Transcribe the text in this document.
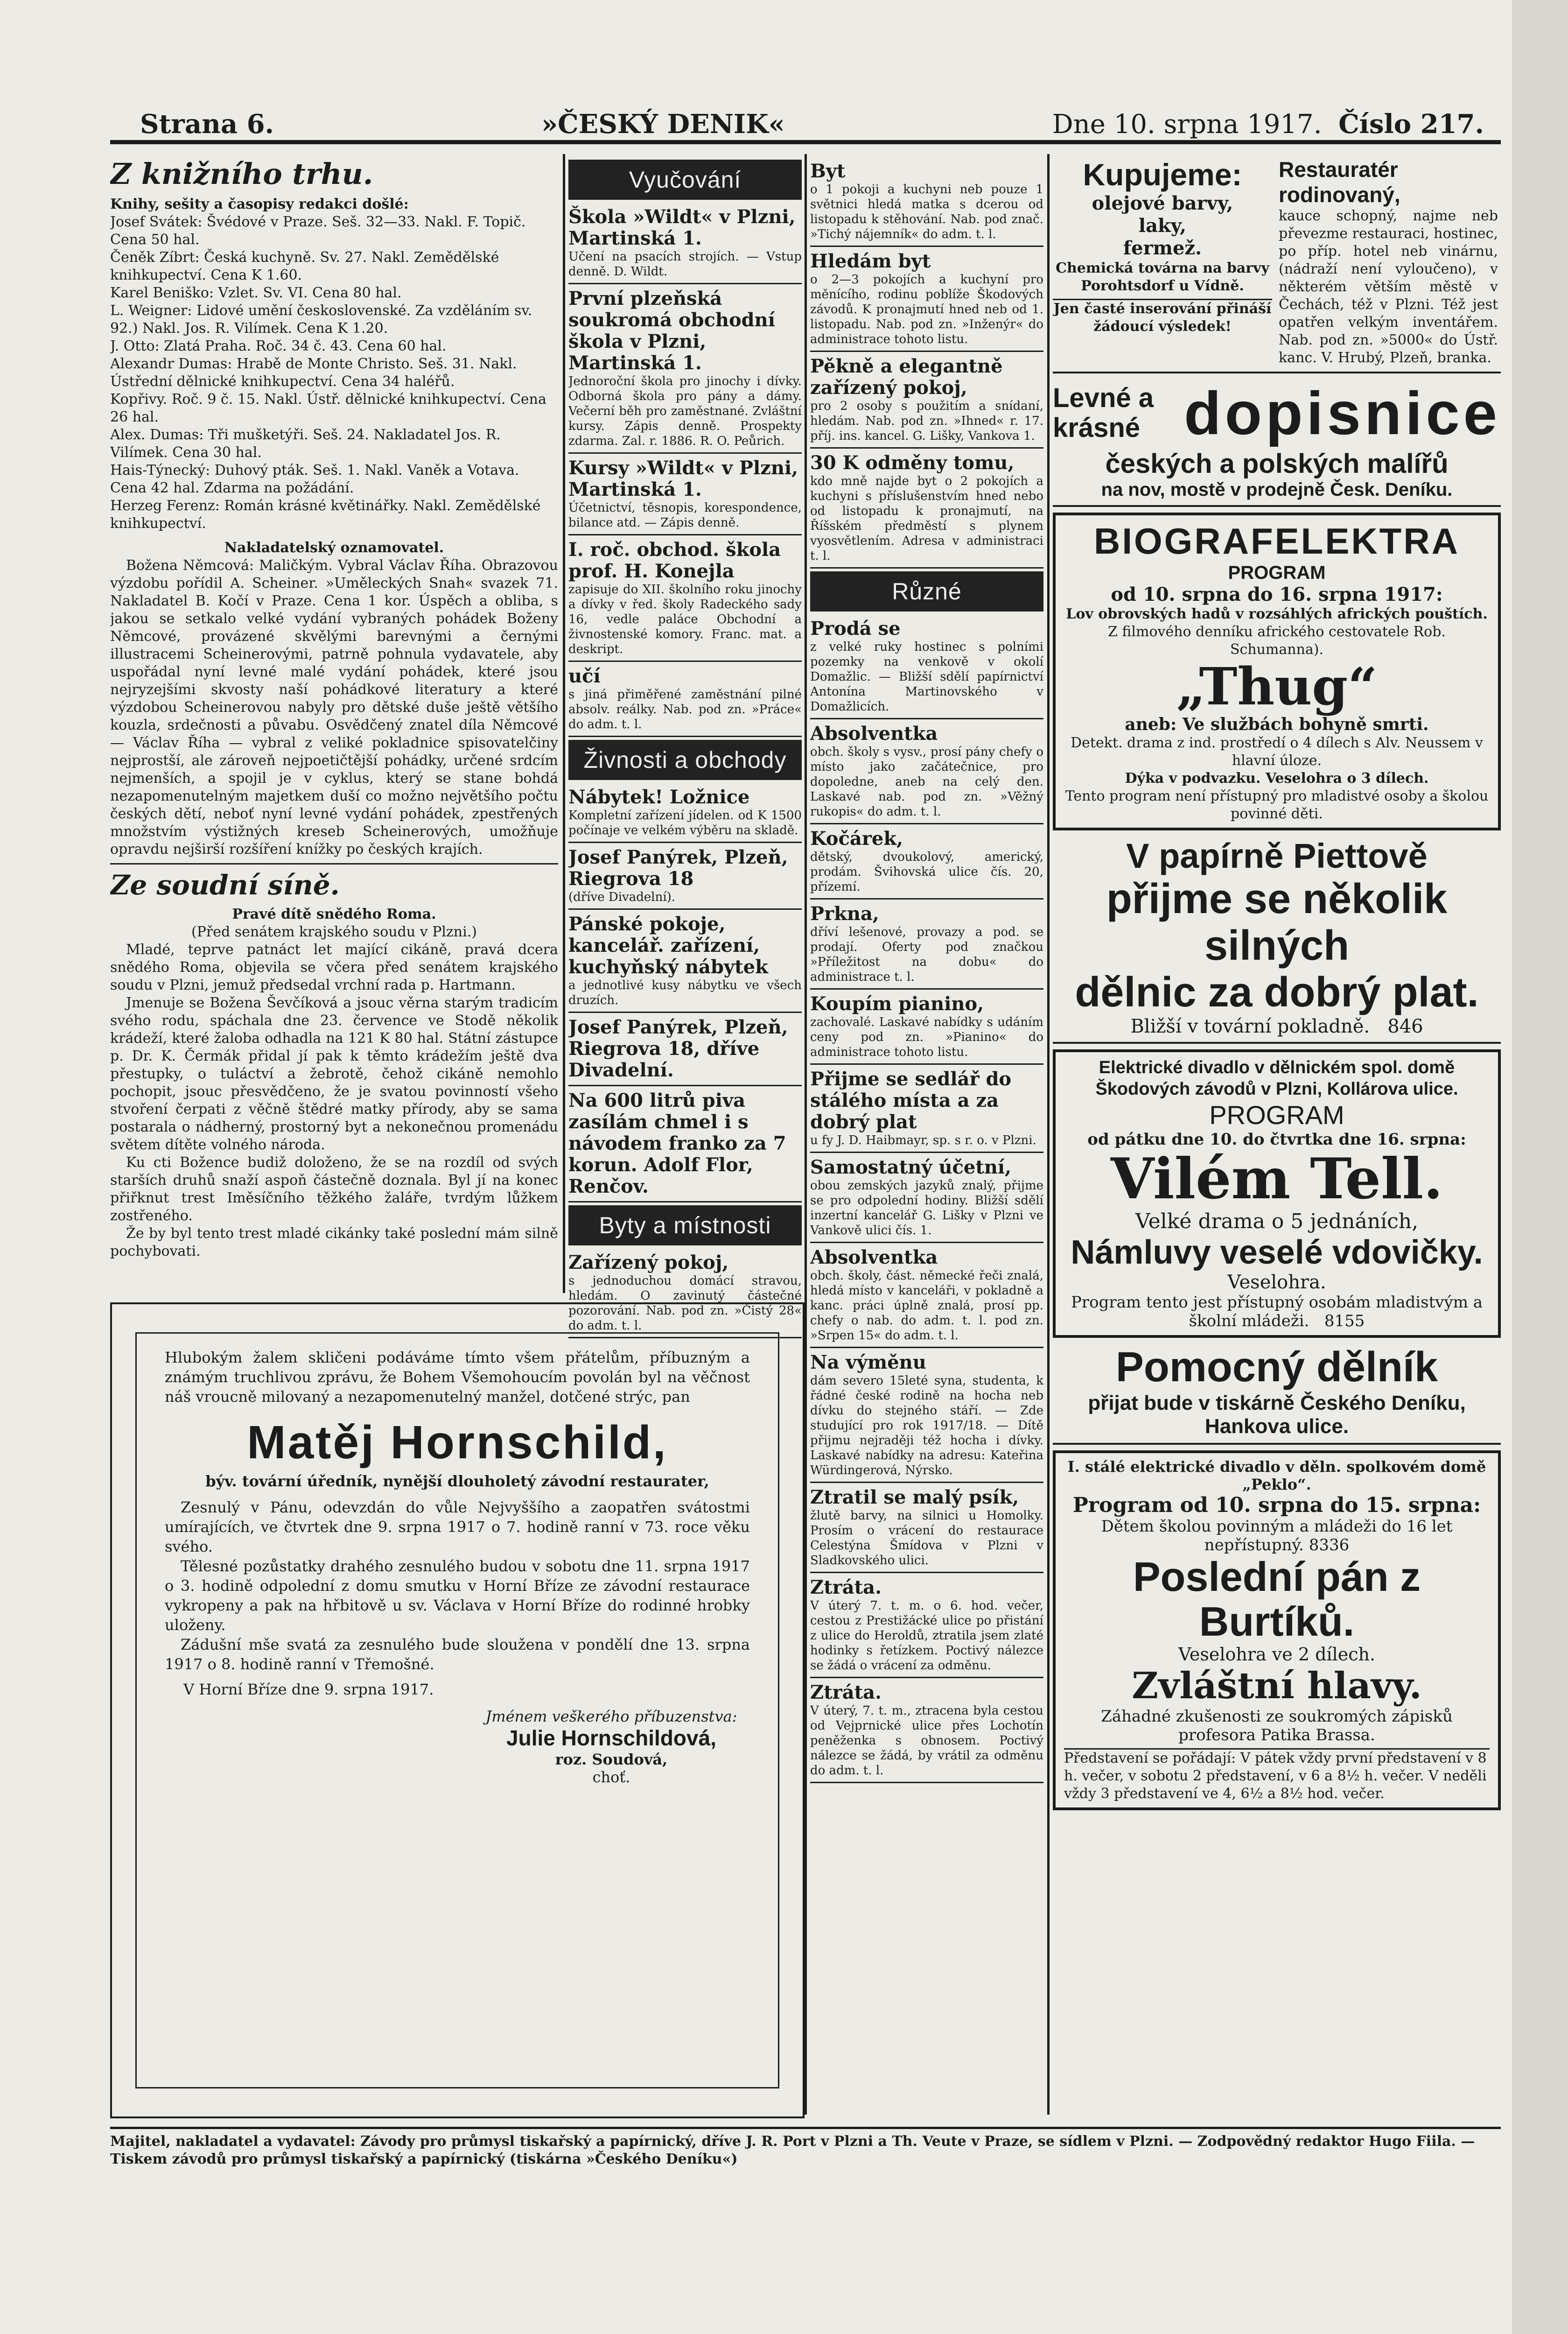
Strana 6.	»ČESKÝ DENIK«	Dne 10. srpna 1917. Číslo 217.
Z knižního trhu.

Knihy, sešity a časopisy redakci došlé:

Josef Svátek: Švédové v Praze. Seš. 32—33. Nakl. F. Topič. Cena 50 hal.

Čeněk Zíbrt: Česká kuchyně. Sv. 27. Nakl. Zemědělské knihkupectví. Cena K 1.60.

Karel Beniško: Vzlet. Sv. VI. Cena 80 hal.

L. Weigner: Lidové umění československé. Za vzděláním sv. 92.) Nakl. Jos. R. Vilímek. Cena K 1.20.

J. Otto: Zlatá Praha. Roč. 34 č. 43. Cena 60 hal.

Alexandr Dumas: Hrabě de Monte Christo. Seš. 31. Nakl. Ústřední dělnické knihkupectví. Cena 34 haléřů.

Kopřivy. Roč. 9 č. 15. Nakl. Ústř. dělnické knihkupectví. Cena 26 hal.

Alex. Dumas: Tři mušketýři. Seš. 24. Nakladatel Jos. R. Vilímek. Cena 30 hal.

Hais-Týnecký: Duhový pták. Seš. 1. Nakl. Vaněk a Votava. Cena 42 hal. Zdarma na požádání.

Herzeg Ferenz: Román krásné květinářky. Nakl. Zemědělské knihkupectví.

Nakladatelský oznamovatel.

Božena Němcová: Maličkým. Vybral Václav Říha. Obrazovou výzdobu pořídil A. Scheiner. »Uměleckých Snah« svazek 71. Nakladatel B. Kočí v Praze. Cena 1 kor. Úspěch a obliba, s jakou se setkalo velké vydání vybraných pohádek Boženy Němcové, provázené skvělými barevnými a černými illustracemi Scheinerovými, patrně pohnula vydavatele, aby uspořádal nyní levné malé vydání pohádek, které jsou nejryzejšími skvosty naší pohádkové literatury a které výzdobou Scheinerovou nabyly pro dětské duše ještě většího kouzla, srdečnosti a půvabu. Osvědčený znatel díla Němcové — Václav Říha — vybral z veliké pokladnice spisovatelčiny nejprostší, ale zároveň nejpoetičtější pohádky, určené srdcím nejmenších, a spojil je v cyklus, který se stane bohdá nezapomenutelným majetkem duší co možno největšího počtu českých dětí, neboť nyní levné vydání pohádek, zpestřených množstvím výstižných kreseb Scheinerových, umožňuje opravdu nejširší rozšíření knížky po českých krajích.

Ze soudní síně.

Pravé dítě snědého Roma.

(Před senátem krajského soudu v Plzni.)

Mladé, teprve patnáct let mající cikáně, pravá dcera snědého Roma, objevila se včera před senátem krajského soudu v Plzni, jemuž předsedal vrchní rada p. Hartmann.

Jmenuje se Božena Ševčíková a jsouc věrna starým tradicím svého rodu, spáchala dne 23. července ve Stodě několik krádeží, které žaloba odhadla na 121 K 80 hal. Státní zástupce p. Dr. K. Čermák přidal jí pak k těmto krádežím ještě dva přestupky, o tuláctví a žebrotě, čehož cikáně nemohlo pochopit, jsouc přesvědčeno, že je svatou povinností všeho stvoření čerpati z věčně štědré matky přírody, aby se sama postarala o nádherný, prostorný byt a nekonečnou promenádu světem dítěte volného národa.

Ku cti Božence budiž doloženo, že se na rozdíl od svých starších druhů snaží aspoň částečně doznala. Byl jí na konec přiřknut trest Iměsíčního těžkého žaláře, tvrdým lůžkem zostřeného.

Že by byl tento trest mladé cikánky také poslední mám silně pochybovati.

Vyučování
Škola »Wildt« v Plzni, Martinská 1.

Učení na psacích strojích. — Vstup denně. D. Wildt.

První plzeňská soukromá obchodní škola v Plzni, Martinská 1.

Jednoroční škola pro jinochy i dívky. Odborná škola pro pány a dámy. Večerní běh pro zaměstnané. Zvláštní kursy. Zápis denně. Prospekty zdarma. Zal. r. 1886. R. O. Peůrich.

Kursy »Wildt« v Plzni, Martinská 1.

Účetnictví, těsnopis, korespondence, bilance atd. — Zápis denně.

I. roč. obchod. škola prof. H. Konejla

zapisuje do XII. školního roku jinochy a dívky v řed. školy Radeckého sady 16, vedle paláce Obchodní a živnostenské komory. Franc. mat. a deskript.

učí

s jiná přiměřené zaměstnání pilné absolv. reálky. Nab. pod zn. »Práce« do adm. t. l.

Živnosti a obchody
Nábytek! Ložnice

Kompletní zařízení jídelen. od K 1500 počínaje ve velkém výběru na skladě.

Josef Panýrek, Plzeň, Riegrova 18

(dříve Divadelní).

Pánské pokoje, kancelář. zařízení, kuchyňský nábytek

a jednotlivé kusy nábytku ve všech druzích.

Josef Panýrek, Plzeň, Riegrova 18, dříve Divadelní.

Na 600 litrů piva zasílám chmel i s návodem franko za 7 korun. Adolf Flor, Renčov.

Byty a místnosti
Zařízený pokoj,

s jednoduchou domácí stravou, hledám. O zavinutý částečné pozorování. Nab. pod zn. »Čistý 28« do adm. t. l.

Byt

o 1 pokoji a kuchyni neb pouze 1 světnici hledá matka s dcerou od listopadu k stěhování. Nab. pod znač. »Tichý nájemník« do adm. t. l.

Hledám byt

o 2—3 pokojích a kuchyní pro měnícího, rodinu poblíže Škodových závodů. K pronajmutí hned neb od 1. listopadu. Nab. pod zn. »Inženýr« do administrace tohoto listu.

Pěkně a elegantně zařízený pokoj,

pro 2 osoby s použitím a snídaní, hledám. Nab. pod zn. »Ihned« r. 17. příj. ins. kancel. G. Lišky, Vankova 1.

30 K odměny tomu,

kdo mně najde byt o 2 pokojích a kuchyni s příslušenstvím hned nebo od listopadu k pronajmutí, na Říšském předměstí s plynem vyosvětlením. Adresa v administraci t. l.

Různé
Prodá se

z velké ruky hostinec s polními pozemky na venkově v okolí Domažlic. — Bližší sdělí papírnictví Antonína Martinovského v Domažlicích.

Absolventka

obch. školy s vysv., prosí pány chefy o místo jako začátečnice, pro dopoledne, aneb na celý den. Laskavé nab. pod zn. »Věžný rukopis« do adm. t. l.

Kočárek,

dětský, dvoukolový, americký, prodám. Švihovská ulice čís. 20, přízemí.

Prkna,

dříví lešenové, provazy a pod. se prodají. Oferty pod značkou »Příležitost na dobu« do administrace t. l.

Koupím pianino,

zachovalé. Laskavé nabídky s udáním ceny pod zn. »Pianino« do administrace tohoto listu.

Přijme se sedlář do stálého místa a za dobrý plat

u fy J. D. Haibmayr, sp. s r. o. v Plzni.

Samostatný účetní,

obou zemských jazyků znalý, přijme se pro odpolední hodiny. Bližší sdělí inzertní kancelář G. Lišky v Plzni ve Vankově ulici čís. 1.

Absolventka

obch. školy, část. německé řeči znalá, hledá místo v kanceláři, v pokladně a kanc. práci úplně znalá, prosí pp. chefy o nab. do adm. t. l. pod zn. »Srpen 15« do adm. t. l.

Na výměnu

dám severo 15leté syna, studenta, k řádné české rodině na hocha neb dívku do stejného stáří. — Zde studující pro rok 1917/18. — Dítě přijmu nejraději též hocha i dívky. Laskavé nabídky na adresu: Kateřina Würdingerová, Nýrsko.

Ztratil se malý psík,

žlutě barvy, na silnici u Homolky. Prosím o vrácení do restaurace Celestýna Šmídova v Plzni v Sladkovského ulici.

Ztráta.

V úterý 7. t. m. o 6. hod. večer, cestou z Prestižácké ulice po přistání z ulice do Heroldů, ztratila jsem zlaté hodinky s řetízkem. Poctivý nálezce se žádá o vrácení za odměnu.

Ztráta.

V úterý, 7. t. m., ztracena byla cestou od Vejprnické ulice přes Lochotín peněženka s obnosem. Poctivý nálezce se žádá, by vrátil za odměnu do adm. t. l.

Kupujeme:
olejové barvy,
laky,
fermež.
Chemická továrna na barvy Porohtsdorf u Vídně.
Jen časté inserování přináší žádoucí výsledek!
Restauratér rodinovaný,

kauce schopný, najme neb převezme restauraci, hostinec, po příp. hotel neb vinárnu, (nádraží není vyloučeno), v některém větším městě v Čechách, též v Plzni. Též jest opatřen velkým inventářem. Nab. pod zn. »5000« do Ústř. kanc. V. Hrubý, Plzeň, branka.

Levné a krásné dopisnice
českých a polských malířů
na nov, mostě v prodejně Česk. Deníku.
BIOGRAFELEKTRA
PROGRAM
od 10. srpna do 16. srpna 1917:
Lov obrovských hadů v rozsáhlých afrických pouštích.
Z filmového denníku afrického cestovatele Rob. Schumanna).
„Thug“
aneb: Ve službách bohyně smrti.
Detekt. drama z ind. prostředí o 4 dílech s Alv. Neussem v hlavní úloze.
Dýka v podvazku. Veselohra o 3 dílech.
Tento program není přístupný pro mladistvé osoby a školou povinné děti.
V papírně Piettově
přijme se několik silných
dělnic za dobrý plat.
Bližší v tovární pokladně. 846
Elektrické divadlo v dělnickém spol. domě Škodových závodů v Plzni, Kollárova ulice.
PROGRAM
od pátku dne 10. do čtvrtka dne 16. srpna:
Vilém Tell.
Velké drama o 5 jednáních,
Námluvy veselé vdovičky.
Veselohra.
Program tento jest přístupný osobám mladistvým a školní mládeži. 8155
Pomocný dělník
přijat bude v tiskárně Českého Deníku,
Hankova ulice.
I. stálé elektrické divadlo v děln. spolkovém domě „Peklo“.
Program od 10. srpna do 15. srpna:
Dětem školou povinným a mládeži do 16 let nepřístupný. 8336
Poslední pán z Burtíků.
Veselohra ve 2 dílech.
Zvláštní hlavy.
Záhadné zkušenosti ze soukromých zápisků profesora Patika Brassa.
Představení se pořádají: V pátek vždy první představení v 8 h. večer, v sobotu 2 představení, v 6 a 8½ h. večer. V neděli vždy 3 představení ve 4, 6½ a 8½ hod. večer.

Hlubokým žalem skličeni podáváme tímto všem přátelům, příbuzným a známým truchlivou zprávu, že Bohem Všemohoucím povolán byl na věčnost náš vroucně milovaný a nezapomenutelný manžel, dotčené strýc, pan

Matěj Hornschild,
býv. tovární úředník, nynější dlouholetý závodní restaurater,

Zesnulý v Pánu, odevzdán do vůle Nejvyššího a zaopatřen svátostmi umírajících, ve čtvrtek dne 9. srpna 1917 o 7. hodině ranní v 73. roce věku svého.

Tělesné pozůstatky drahého zesnulého budou v sobotu dne 11. srpna 1917 o 3. hodině odpolední z domu smutku v Horní Bříze ze závodní restaurace vykropeny a pak na hřbitově u sv. Václava v Horní Bříze do rodinné hrobky uloženy.

Zádušní mše svatá za zesnulého bude sloužena v pondělí dne 13. srpna 1917 o 8. hodině ranní v Třemošné.

V Horní Bříze dne 9. srpna 1917.

Jménem veškerého příbuzenstva:
Julie Hornschildová,
roz. Soudová,
choť.
Majitel, nakladatel a vydavatel: Závody pro průmysl tiskařský a papírnický, dříve J. R. Port v Plzni a Th. Veute v Praze, se sídlem v Plzni. — Zodpovědný redaktor Hugo Fiila. — Tiskem závodů pro průmysl tiskařský a papírnický (tiskárna »Českého Deníku«)
